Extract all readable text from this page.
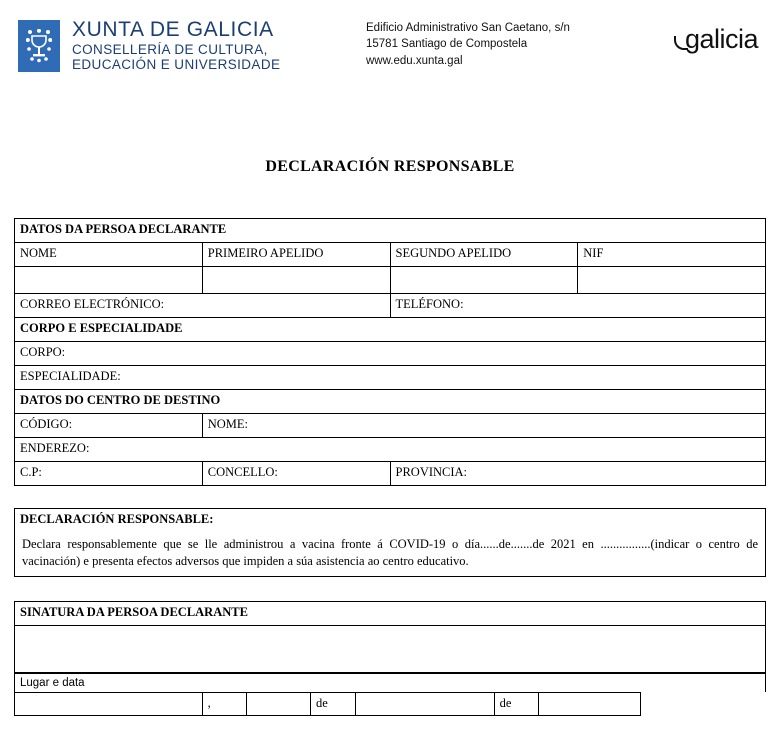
XUNTA DE GALICIA
CONSELLERÍA DE CULTURA,
EDUCACIÓN E UNIVERSIDADE
Edificio Administrativo San Caetano, s/n
15781 Santiago de Compostela
www.edu.xunta.gal
galicia
DECLARACIÓN RESPONSABLE
DATOS DA PERSOA DECLARANTE			
NOME	PRIMEIRO APELIDO	SEGUNDO APELIDO	NIF

CORREO ELECTRÓNICO:		TELÉFONO:	
CORPO E ESPECIALIDADE			
CORPO:			
ESPECIALIDADE:			
DATOS DO CENTRO DE DESTINO			
CÓDIGO:	NOME:		
ENDEREZO:			
C.P:	CONCELLO:	PROVINCIA:	
DECLARACIÓN RESPONSABLE:
Declara responsablemente que se lle administrou a vacina fronte á COVID-19 o día......de.......de 2021 en ................(indicar o centro de vacinación) e presenta efectos adversos que impiden a súa asistencia ao centro educativo.
SINATURA DA PERSOA DECLARANTE

Lugar e data
	,		de		de		
